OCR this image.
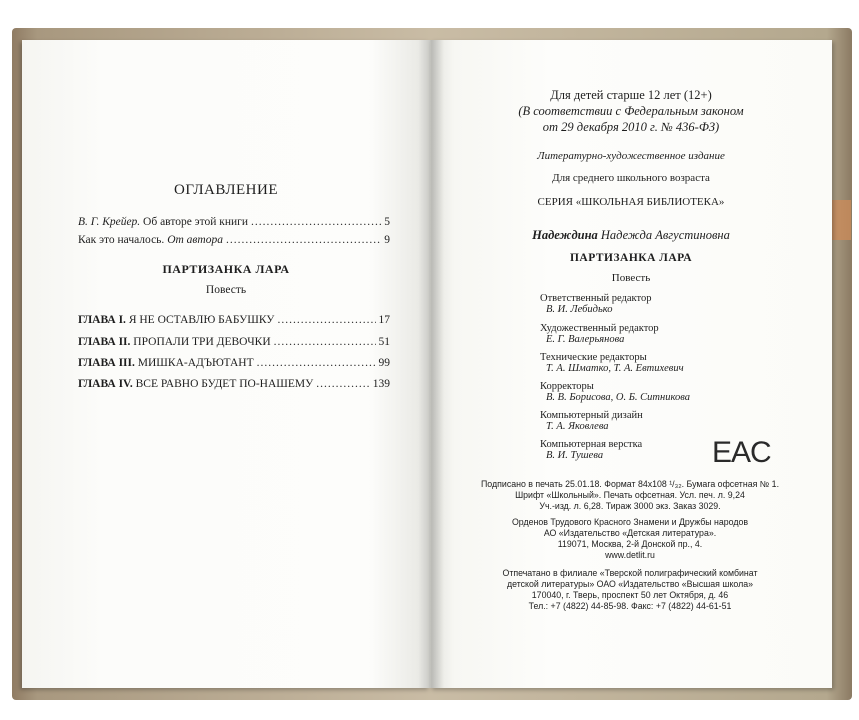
ОГЛАВЛЕНИЕ
В. Г. Крейер. Об авторе этой книги .....	5
Как это началось. От автора .....	9
ПАРТИЗАНКА ЛАРА
Повесть
ГЛАВА I. Я НЕ ОСТАВЛЮ БАБУШКУ .....	17
ГЛАВА II. ПРОПАЛИ ТРИ ДЕВОЧКИ .....	51
ГЛАВА III. МИШКА-АДЪЮТАНТ .....	99
ГЛАВА IV. ВСЕ РАВНО БУДЕТ ПО-НАШЕМУ .....	139
Для детей старше 12 лет (12+)
(В соответствии с Федеральным законом
от 29 декабря 2010 г. № 436-ФЗ)
Литературно-художественное издание
Для среднего школьного возраста
СЕРИЯ «ШКОЛЬНАЯ БИБЛИОТЕКА»
Надеждина Надежда Августиновна
ПАРТИЗАНКА ЛАРА
Повесть
Ответственный редактор
В. И. Лебидько
Художественный редактор
Е. Г. Валерьянова
Технические редакторы
Т. А. Шматко, Т. А. Евтихевич
Корректоры
В. В. Борисова, О. Б. Ситникова
Компьютерный дизайн
Т. А. Яковлева
Компьютерная верстка
В. И. Тушева	EAC
Подписано в печать 25.01.18. Формат 84x108 ¹/₃₂. Бумага офсетная № 1.
Шрифт «Школьный». Печать офсетная. Усл. печ. л. 9,24
Уч.-изд. л. 6,28. Тираж 3000 экз. Заказ 3029.
Орденов Трудового Красного Знамени и Дружбы народов
АО «Издательство «Детская литература».
119071, Москва, 2-й Донской пр., 4.
www.detlit.ru
Отпечатано в филиале «Тверской полиграфический комбинат
детской литературы» ОАО «Издательство «Высшая школа»
170040, г. Тверь, проспект 50 лет Октября, д. 46
Тел.: +7 (4822) 44-85-98. Факс: +7 (4822) 44-61-51
